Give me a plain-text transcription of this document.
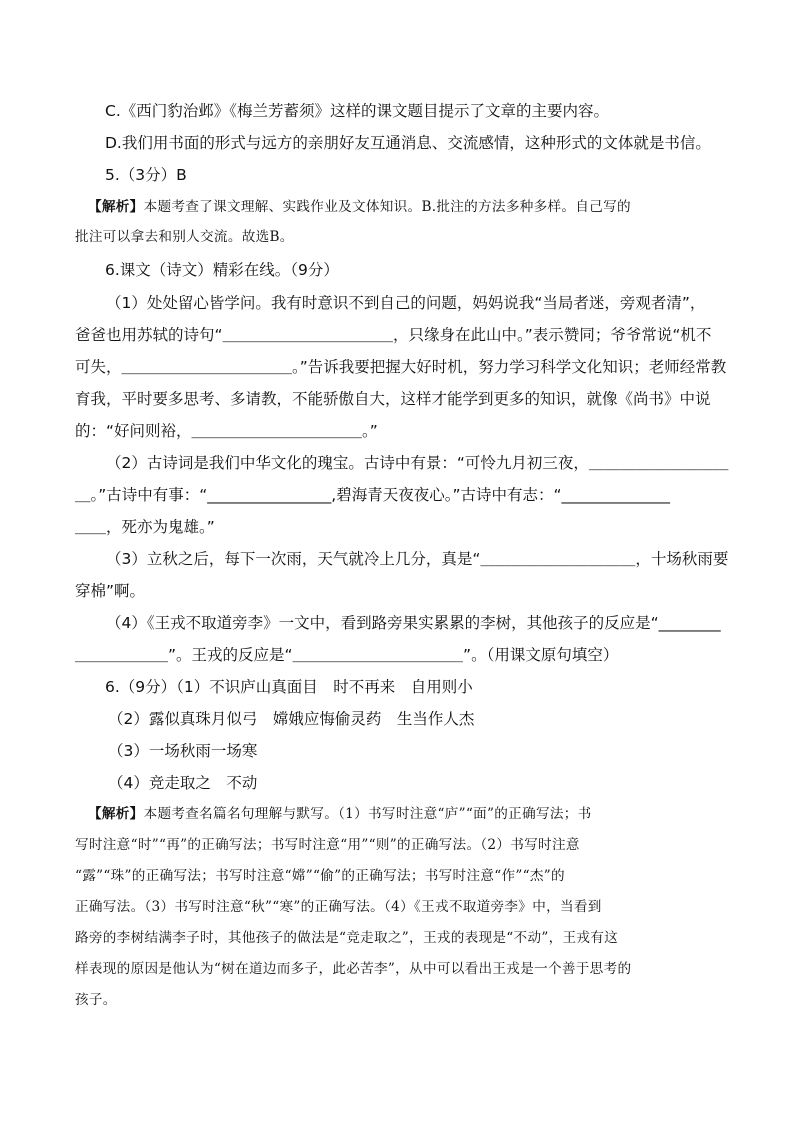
C.《西门豹治邺》《梅兰芳蓄须》这样的课文题目提示了文章的主要内容。
D.我们用书面的形式与远方的亲朋好友互通消息、交流感情，这种形式的文体就是书信。
5.（3分）B
【解析】本题考查了课文理解、实践作业及文体知识。B.批注的方法多种多样。自己写的
批注可以拿去和别人交流。故选B。
6.课文（诗文）精彩在线。（9分）
（1）处处留心皆学问。我有时意识不到自己的问题，妈妈说我“当局者迷，旁观者清”，
爸爸也用苏轼的诗句“＿＿＿＿＿＿＿＿＿＿＿，只缘身在此山中。”表示赞同；爷爷常说“机不
可失，＿＿＿＿＿＿＿＿＿＿＿。”告诉我要把握大好时机，努力学习科学文化知识；老师经常教
育我，平时要多思考、多请教，不能骄傲自大，这样才能学到更多的知识，就像《尚书》中说
的：“好问则裕，＿＿＿＿＿＿＿＿＿＿＿。”
（2）古诗词是我们中华文化的瑰宝。古诗中有景：“可怜九月初三夜，＿＿＿＿＿＿＿＿＿
＿。”古诗中有事：“________________,碧海青天夜夜心。”古诗中有志：“______________
＿＿，死亦为鬼雄。”
（3）立秋之后，每下一次雨，天气就冷上几分，真是“＿＿＿＿＿＿＿＿＿＿，十场秋雨要
穿棉”啊。
（4）《王戎不取道旁李》一文中，看到路旁果实累累的李树，其他孩子的反应是“________
＿＿＿＿＿＿”。王戎的反应是“＿＿＿＿＿＿＿＿＿＿＿”。（用课文原句填空）
6.（9分）（1）不识庐山真面目　时不再来　自用则小
（2）露似真珠月似弓　嫦娥应悔偷灵药　生当作人杰
（3）一场秋雨一场寒
（4）竞走取之　不动
【解析】本题考查名篇名句理解与默写。（1）书写时注意“庐”“面”的正确写法；书
写时注意“时”“再”的正确写法；书写时注意“用”“则”的正确写法。（2）书写时注意
“露”“珠”的正确写法；书写时注意“嫦”“偷”的正确写法；书写时注意“作”“杰”的
正确写法。（3）书写时注意“秋”“寒”的正确写法。（4）《王戎不取道旁李》中，当看到
路旁的李树结满李子时，其他孩子的做法是“竞走取之”，王戎的表现是“不动”，王戎有这
样表现的原因是他认为“树在道边而多子，此必苦李”，从中可以看出王戎是一个善于思考的
孩子。
